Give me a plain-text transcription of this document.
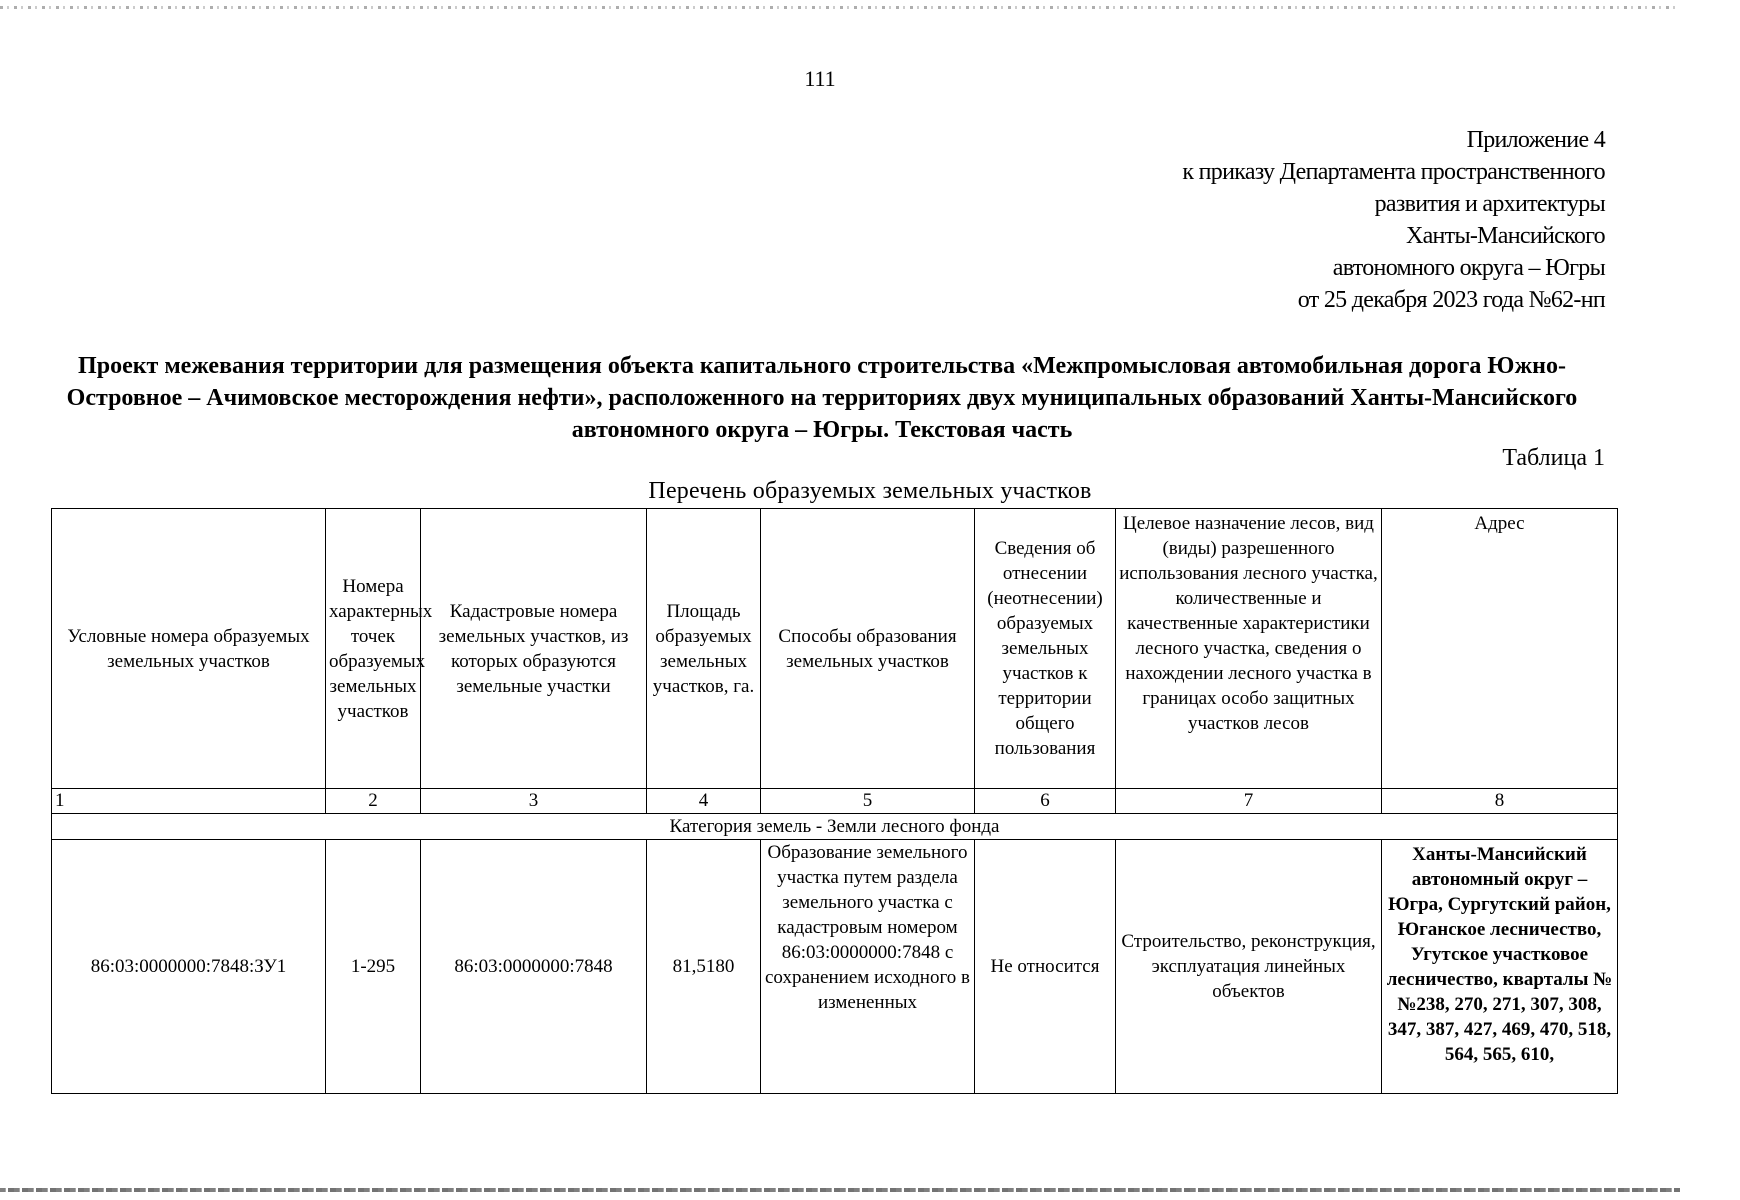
111
Приложение 4
к приказу Департамента пространственного
развития и архитектуры
Ханты-Мансийского
автономного округа – Югры
от 25 декабря 2023 года №62-нп
Проект межевания территории для размещения объекта капитального строительства «Межпромысловая автомобильная дорога Южно-Островное – Ачимовское месторождения нефти», расположенного на территориях двух муниципальных образований Ханты-Мансийского автономного округа – Югры. Текстовая часть
Таблица 1
Перечень образуемых земельных участков
Условные номера образуемых земельных участков	Номера характерных точек образуемых земельных участков	Кадастровые номера земельных участков, из которых образуются земельные участки	Площадь образуемых земельных участков, га.	Способы образования земельных участков	Сведения об отнесении (неотнесении) образуемых земельных участков к территории общего пользования	Целевое назначение лесов, вид (виды) разрешенного использования лесного участка, количественные и качественные характеристики лесного участка, сведения о нахождении лесного участка в границах особо защитных участков лесов	Адрес
1	2	3	4	5	6	7	8
Категория земель - Земли лесного фонда							
86:03:0000000:7848:ЗУ1	1-295	86:03:0000000:7848	81,5180	Образование земельного участка путем раздела земельного участка с кадастровым номером 86:03:0000000:7848 с сохранением исходного в измененных	Не относится	Строительство, реконструкция, эксплуатация линейных объектов	Ханты-Мансийский автономный округ – Югра, Сургутский район, Юганское лесничество, Угутское участковое лесничество, кварталы №№238, 270, 271, 307, 308, 347, 387, 427, 469, 470, 518, 564, 565, 610,
